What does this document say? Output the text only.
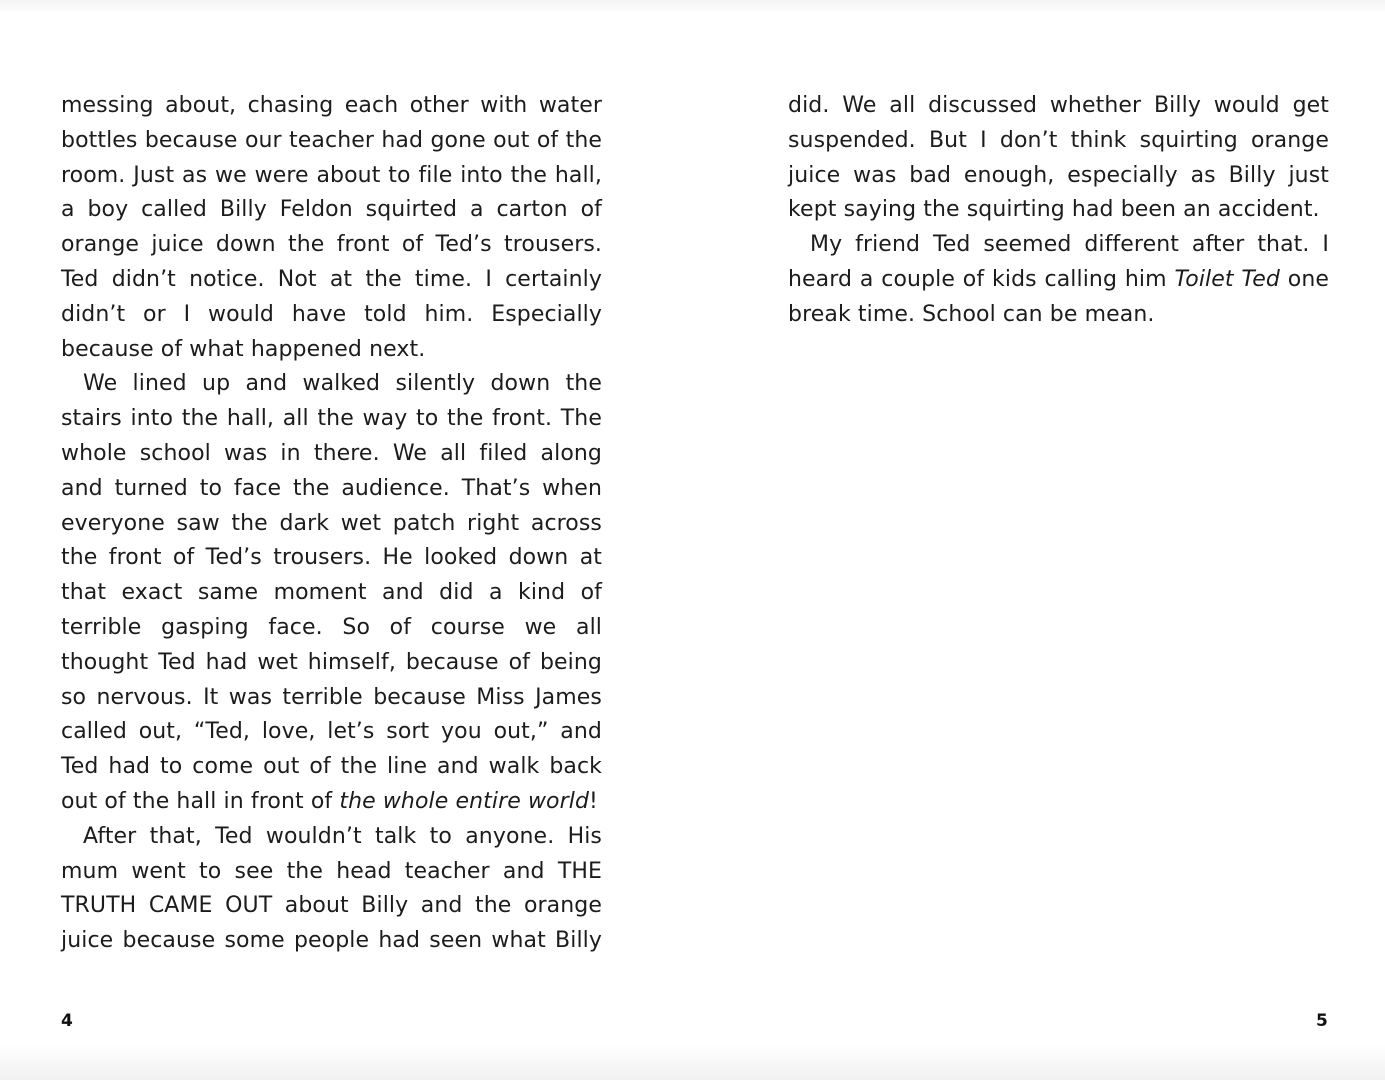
messing about, chasing each other with water bottles because our teacher had gone out of the room. Just as we were about to file into the hall, a boy called Billy Feldon squirted a carton of orange juice down the front of Ted’s trousers. Ted didn’t notice. Not at the time. I certainly didn’t or I would have told him. Especially because of what happened next.

We lined up and walked silently down the stairs into the hall, all the way to the front. The whole school was in there. We all filed along and turned to face the audience. That’s when everyone saw the dark wet patch right across the front of Ted’s trousers. He looked down at that exact same moment and did a kind of terrible gasping face. So of course we all thought Ted had wet himself, because of being so nervous. It was terrible because Miss James called out, “Ted, love, let’s sort you out,” and Ted had to come out of the line and walk back out of the hall in front of the whole entire world!

After that, Ted wouldn’t talk to anyone. His mum went to see the head teacher and THE TRUTH CAME OUT about Billy and the orange juice because some people had seen what Billy

4

did. We all discussed whether Billy would get suspended. But I don’t think squirting orange juice was bad enough, especially as Billy just kept saying the squirting had been an accident.

My friend Ted seemed different after that. I heard a couple of kids calling him Toilet Ted one break time. School can be mean.

5
